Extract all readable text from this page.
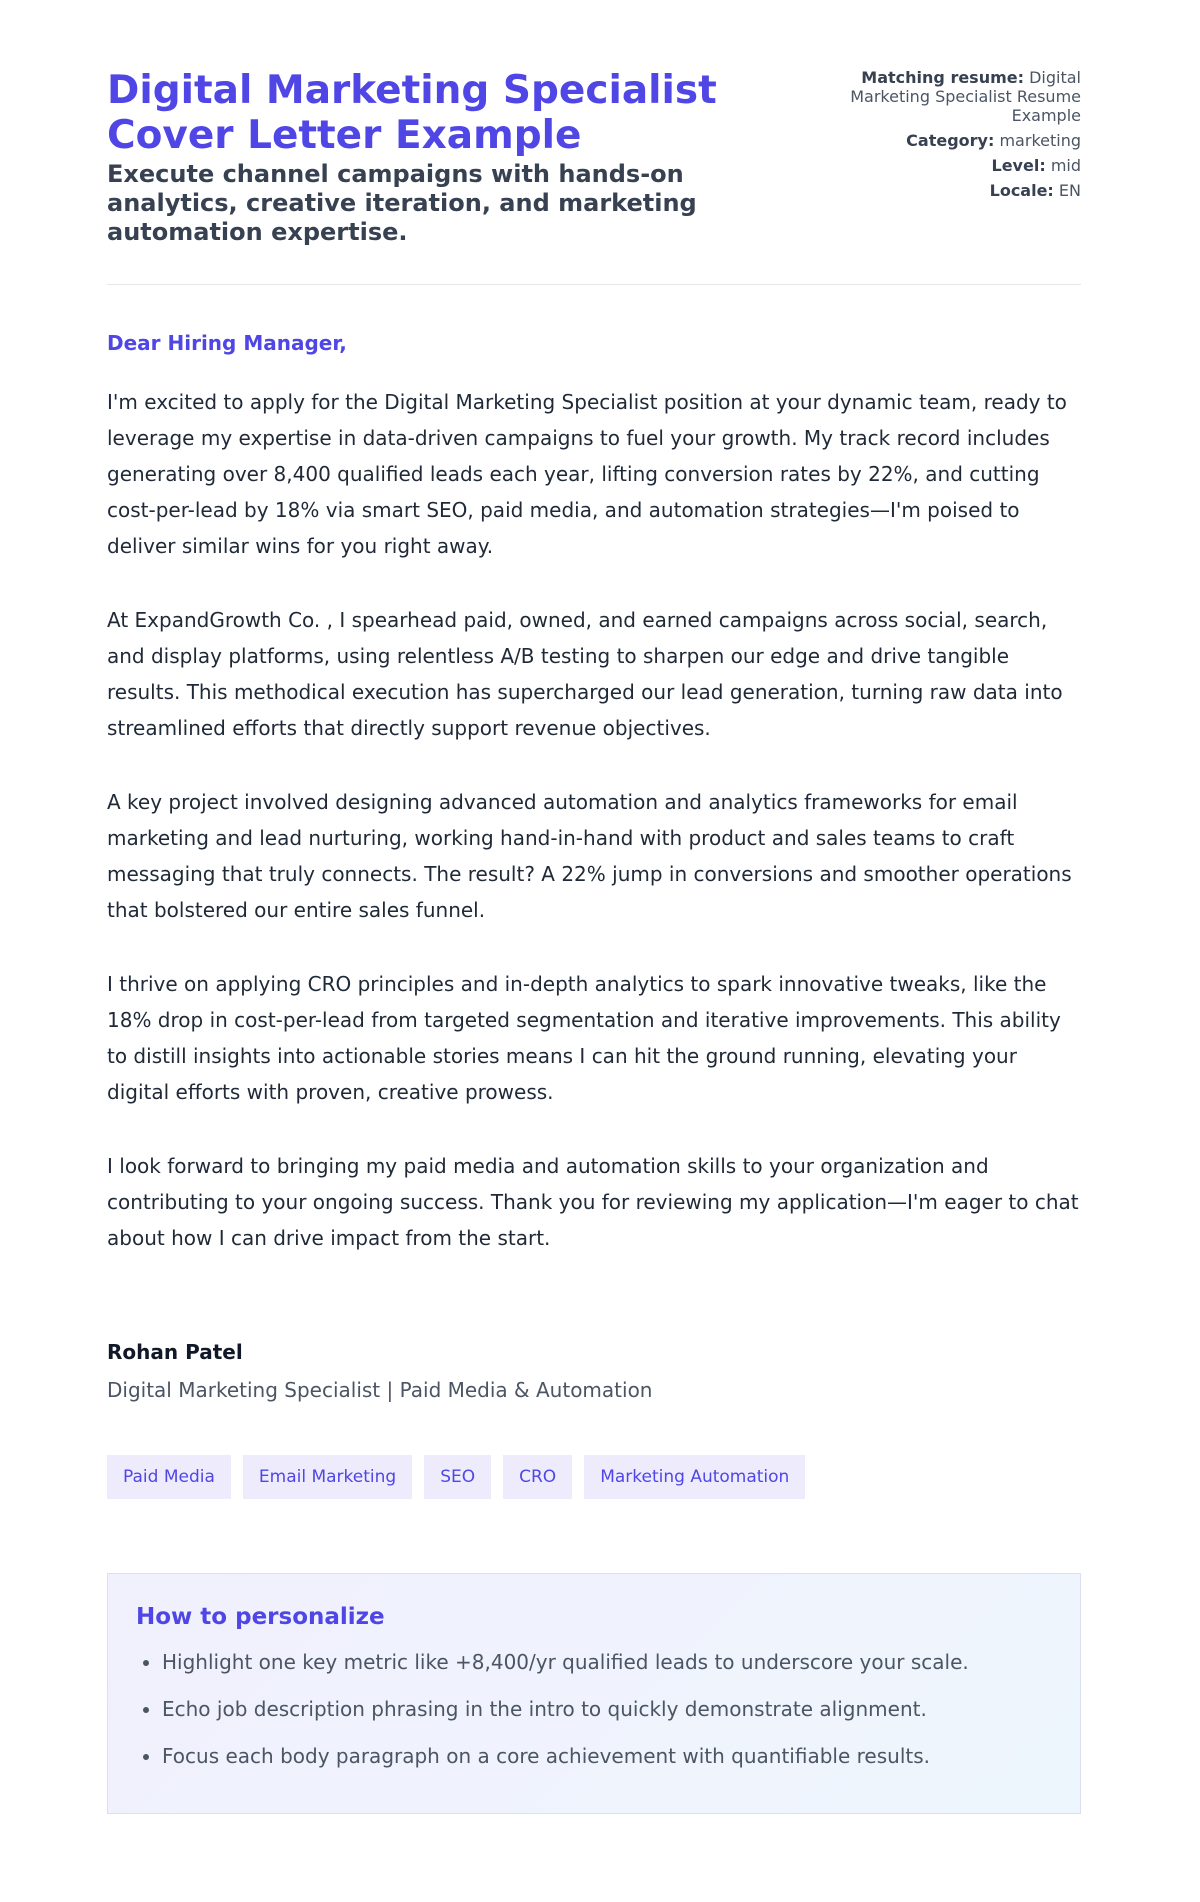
Digital Marketing Specialist Cover Letter Example
Execute channel campaigns with hands-on analytics, creative iteration, and marketing automation expertise.
Matching resume: Digital Marketing Specialist Resume Example
Category: marketing
Level: mid
Locale: EN
Dear Hiring Manager,

I'm excited to apply for the Digital Marketing Specialist position at your dynamic team, ready to leverage my expertise in data-driven campaigns to fuel your growth. My track record includes generating over 8,400 qualified leads each year, lifting conversion rates by 22%, and cutting cost-per-lead by 18% via smart SEO, paid media, and automation strategies—I'm poised to deliver similar wins for you right away.

At ExpandGrowth Co. , I spearhead paid, owned, and earned campaigns across social, search, and display platforms, using relentless A/B testing to sharpen our edge and drive tangible results. This methodical execution has supercharged our lead generation, turning raw data into streamlined efforts that directly support revenue objectives.

A key project involved designing advanced automation and analytics frameworks for email marketing and lead nurturing, working hand-in-hand with product and sales teams to craft messaging that truly connects. The result? A 22% jump in conversions and smoother operations that bolstered our entire sales funnel.

I thrive on applying CRO principles and in-depth analytics to spark innovative tweaks, like the 18% drop in cost-per-lead from targeted segmentation and iterative improvements. This ability to distill insights into actionable stories means I can hit the ground running, elevating your digital efforts with proven, creative prowess.

I look forward to bringing my paid media and automation skills to your organization and contributing to your ongoing success. Thank you for reviewing my application—I'm eager to chat about how I can drive impact from the start.

Rohan Patel
Digital Marketing Specialist | Paid Media & Automation
Paid Media	Email Marketing	SEO	CRO	Marketing Automation
How to personalize
• Highlight one key metric like +8,400/yr qualified leads to underscore your scale.
• Echo job description phrasing in the intro to quickly demonstrate alignment.
• Focus each body paragraph on a core achievement with quantifiable results.
